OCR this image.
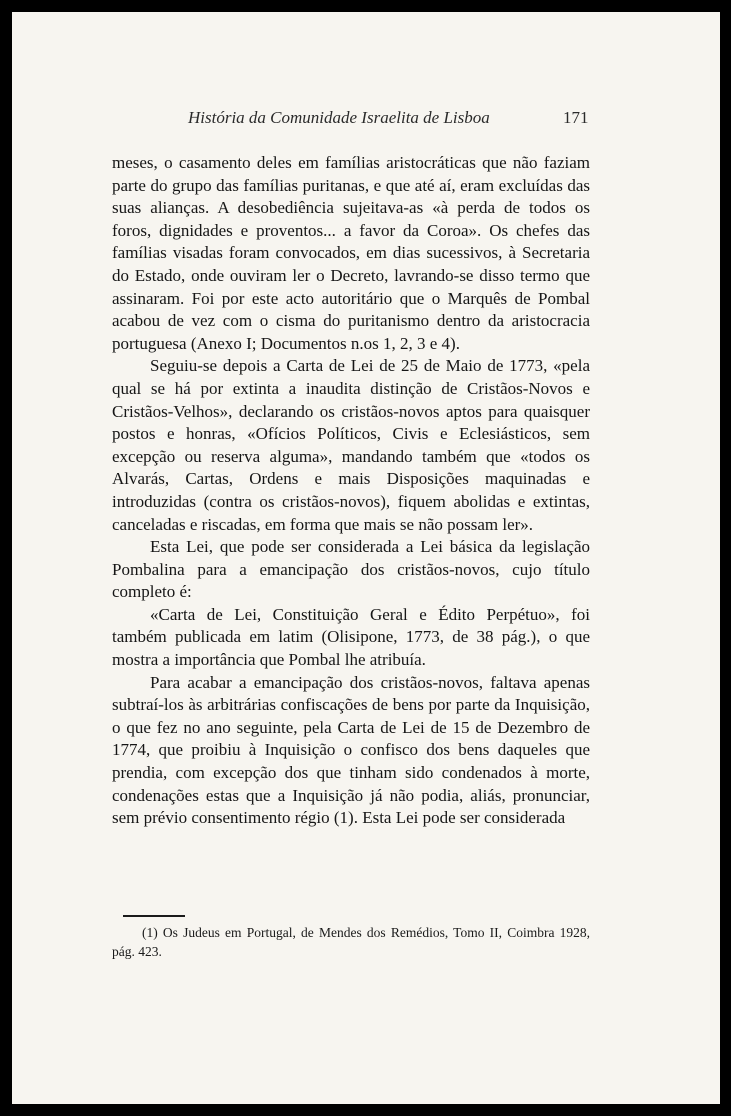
História da Comunidade Israelita de Lisboa	171

meses, o casamento deles em famílias aristocráticas que não faziam parte do grupo das famílias puritanas, e que até aí, eram excluídas das suas alianças. A desobediência sujeitava-as «à perda de todos os foros, dignidades e proventos... a favor da Coroa». Os chefes das famílias visadas foram convocados, em dias sucessivos, à Secretaria do Estado, onde ouviram ler o Decreto, lavrando-se disso termo que assinaram. Foi por este acto autoritário que o Marquês de Pombal acabou de vez com o cisma do puritanismo dentro da aristocracia portuguesa (Anexo I; Documentos n.os 1, 2, 3 e 4).

Seguiu-se depois a Carta de Lei de 25 de Maio de 1773, «pela qual se há por extinta a inaudita distinção de Cristãos-Novos e Cristãos-Velhos», declarando os cristãos-novos aptos para quaisquer postos e honras, «Ofícios Políticos, Civis e Eclesiásticos, sem excepção ou reserva alguma», mandando também que «todos os Alvarás, Cartas, Ordens e mais Disposições maquinadas e introduzidas (contra os cristãos-novos), fiquem abolidas e extintas, canceladas e riscadas, em forma que mais se não possam ler».

Esta Lei, que pode ser considerada a Lei básica da legislação Pombalina para a emancipação dos cristãos-novos, cujo título completo é:

«Carta de Lei, Constituição Geral e Édito Perpétuo», foi também publicada em latim (Olisipone, 1773, de 38 pág.), o que mostra a importância que Pombal lhe atribuía.

Para acabar a emancipação dos cristãos-novos, faltava apenas subtraí-los às arbitrárias confiscações de bens por parte da Inquisição, o que fez no ano seguinte, pela Carta de Lei de 15 de Dezembro de 1774, que proibiu à Inquisição o confisco dos bens daqueles que prendia, com excepção dos que tinham sido condenados à morte, condenações estas que a Inquisição já não podia, aliás, pronunciar, sem prévio consentimento régio (1). Esta Lei pode ser considerada

(1) Os Judeus em Portugal, de Mendes dos Remédios, Tomo II, Coimbra 1928, pág. 423.
